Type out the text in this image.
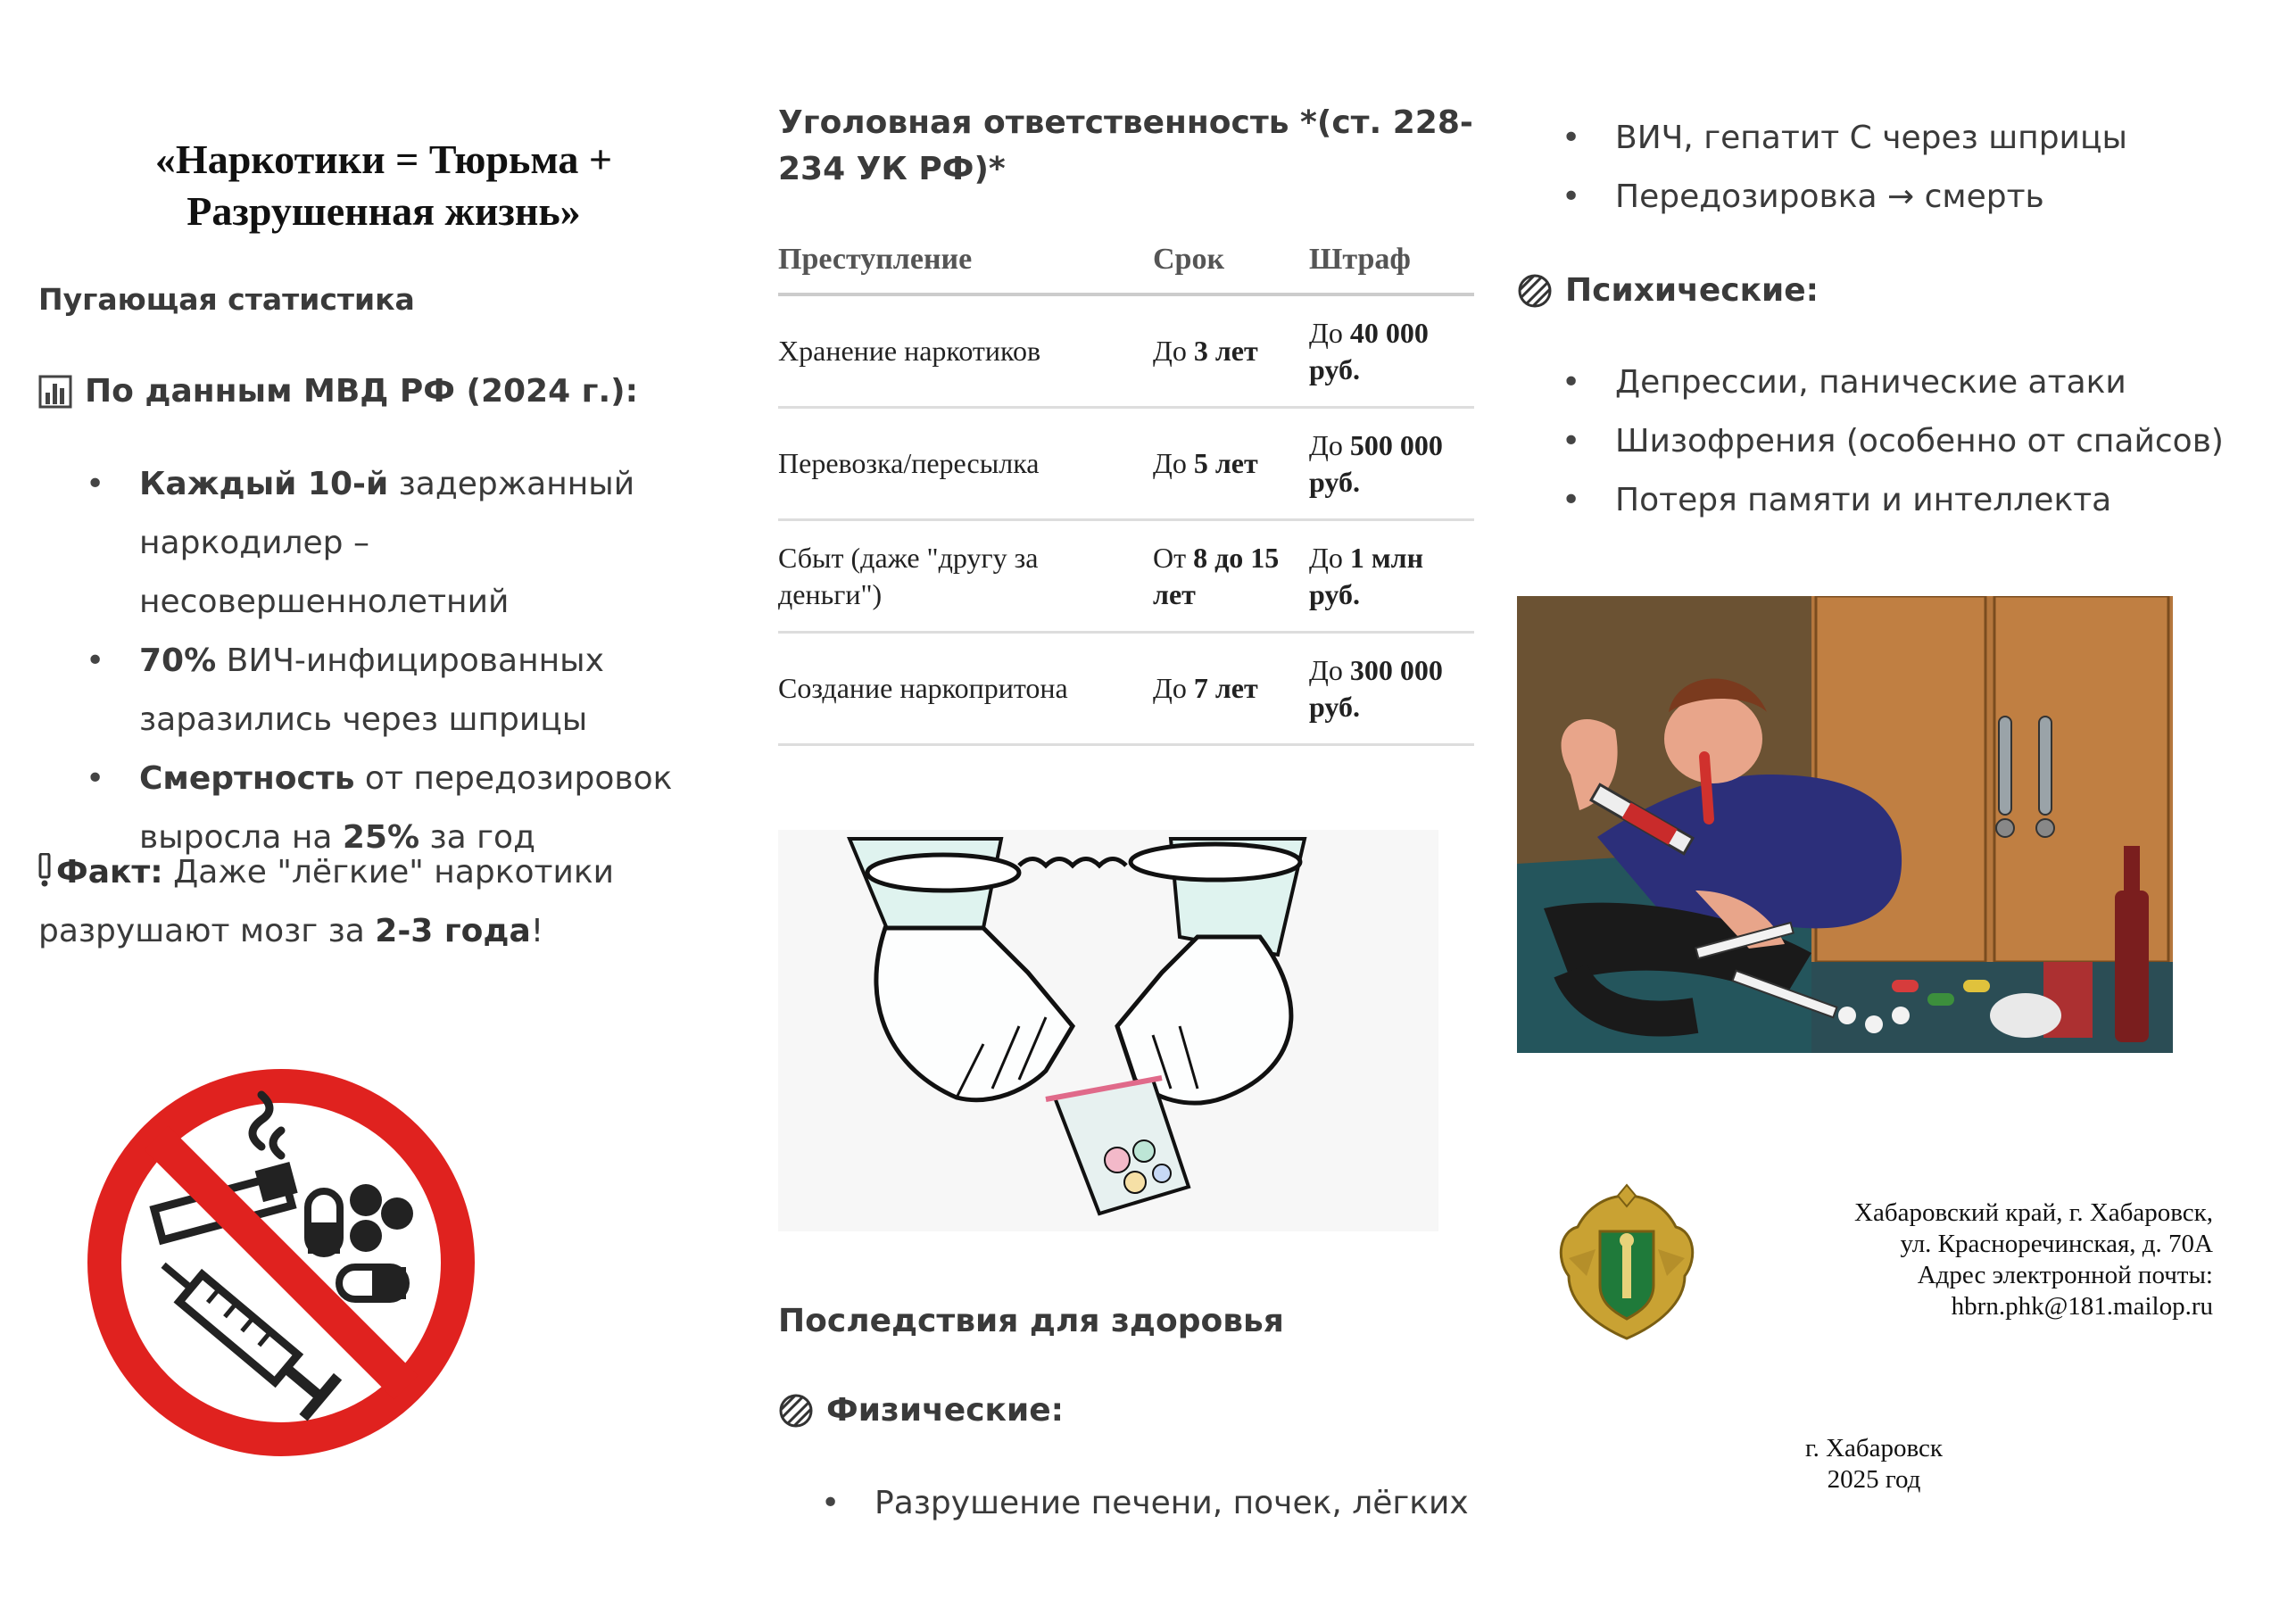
«Наркотики = Тюрьма + Разрушенная жизнь»
Пугающая статистика
По данным МВД РФ (2024 г.):
• Каждый 10-й задержанный наркодилер – несовершеннолетний
• 70% ВИЧ-инфицированных заразились через шприцы
• Смертность от передозировок выросла на 25% за год
Факт: Даже "лёгкие" наркотики разрушают мозг за 2-3 года!
Уголовная ответственность *(ст. 228-234 УК РФ)*
Преступление	Срок	Штраф
Хранение наркотиков	До 3 лет	До 40 000 руб.
Перевозка/пересылка	До 5 лет	До 500 000 руб.
Сбыт (даже "другу за деньги")	От 8 до 15 лет	До 1 млн руб.
Создание наркопритона	До 7 лет	До 300 000 руб.
Последствия для здоровья
Физические:
• Разрушение печени, почек, лёгких
• ВИЧ, гепатит С через шприцы
• Передозировка → смерть
Психические:
• Депрессии, панические атаки
• Шизофрения (особенно от спайсов)
• Потеря памяти и интеллекта
Хабаровский край, г. Хабаровск,
ул. Красноречинская, д. 70А
Адрес электронной почты:
hbrn.phk@181.mailop.ru
г. Хабаровск
2025 год
